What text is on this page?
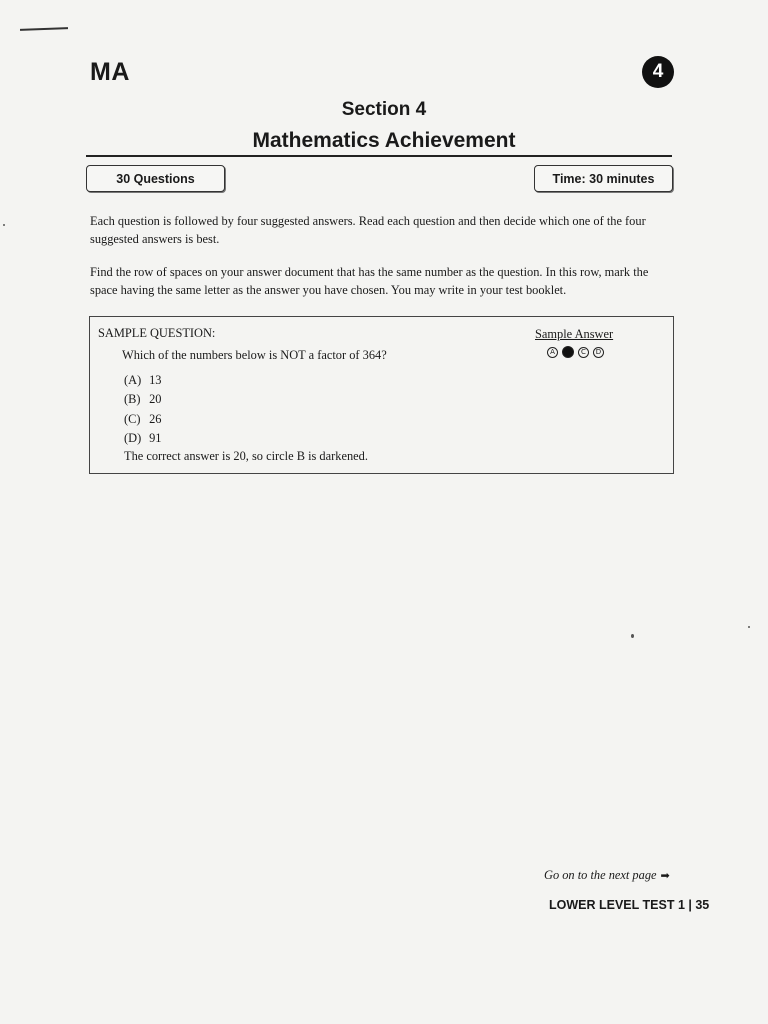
MA	4
Section 4
Mathematics Achievement
30 Questions	Time: 30 minutes
Each question is followed by four suggested answers. Read each question and then decide which one of the four suggested answers is best.
Find the row of spaces on your answer document that has the same number as the question. In this row, mark the space having the same letter as the answer you have chosen. You may write in your test booklet.
SAMPLE QUESTION:	Sample Answer
A	B	C	D
Which of the numbers below is NOT a factor of 364?
(A) 13
(B) 20
(C) 26
(D) 91
The correct answer is 20, so circle B is darkened.
Go on to the next page ➡
LOWER LEVEL TEST 1 | 35
